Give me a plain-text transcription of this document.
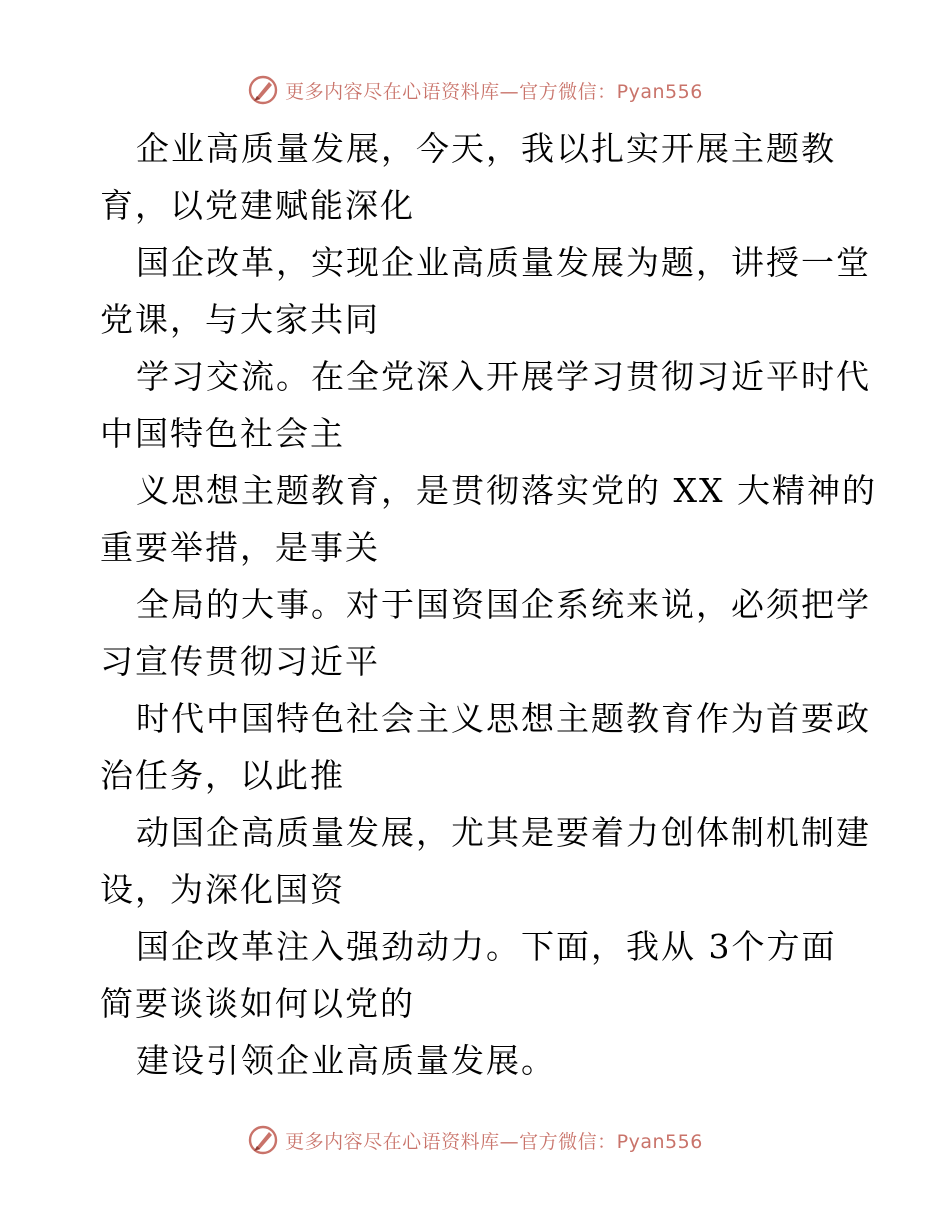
更多内容尽在心语资料库—官方微信：Pyan556
企业高质量发展，今天，我以扎实开展主题教
育，以党建赋能深化
国企改革，实现企业高质量发展为题，讲授一堂
党课，与大家共同
学习交流。在全党深入开展学习贯彻习近平时代
中国特色社会主
义思想主题教育，是贯彻落实党的 XX 大精神的
重要举措，是事关
全局的大事。对于国资国企系统来说，必须把学
习宣传贯彻习近平
时代中国特色社会主义思想主题教育作为首要政
治任务，以此推
动国企高质量发展，尤其是要着力创体制机制建
设，为深化国资
国企改革注入强劲动力。下面，我从 3个方面
简要谈谈如何以党的
建设引领企业高质量发展。
更多内容尽在心语资料库—官方微信：Pyan556
